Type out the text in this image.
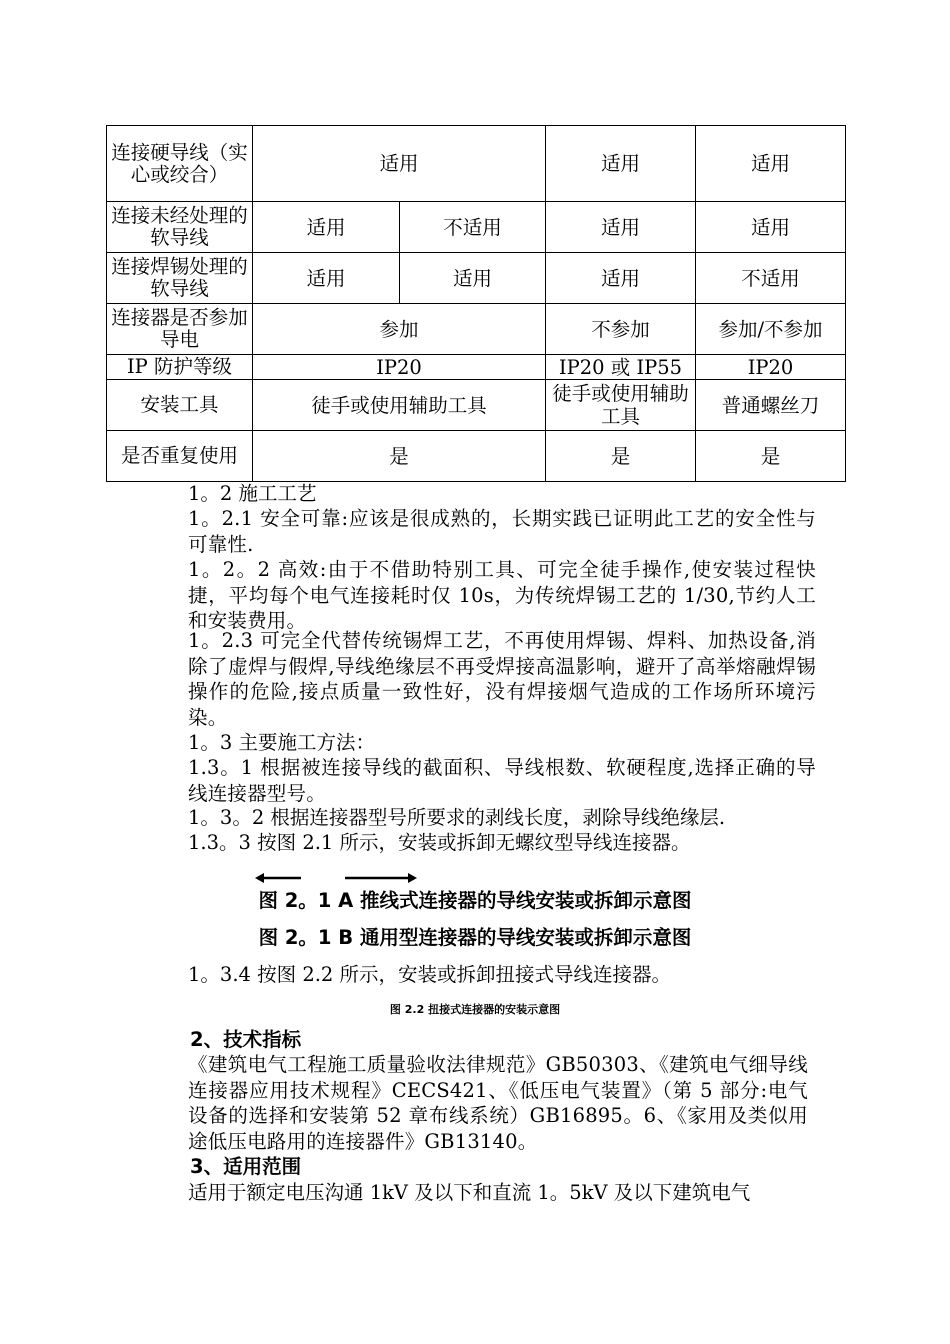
连接硬导线（实心或绞合）	适用		适用	适用
连接未经处理的软导线	适用	不适用	适用	适用
连接焊锡处理的软导线	适用	适用	适用	不适用
连接器是否参加导电	参加		不参加	参加/不参加
IP 防护等级	IP20		IP20 或 IP55	IP20
安装工具	徒手或使用辅助工具		徒手或使用辅助工具	普通螺丝刀
是否重复使用	是		是	是
1。2 施工工艺
1。2.1 安全可靠:应该是很成熟的，长期实践已证明此工艺的安全性与可靠性.
1。2。2 高效:由于不借助特别工具、可完全徒手操作,使安装过程快捷，平均每个电气连接耗时仅 10s，为传统焊锡工艺的 1/30,节约人工和安装费用。
1。2.3 可完全代替传统锡焊工艺，不再使用焊锡、焊料、加热设备,消除了虚焊与假焊,导线绝缘层不再受焊接高温影响，避开了高举熔融焊锡操作的危险,接点质量一致性好，没有焊接烟气造成的工作场所环境污染。
1。3 主要施工方法：
1.3。1 根据被连接导线的截面积、导线根数、软硬程度,选择正确的导线连接器型号。
1。3。2 根据连接器型号所要求的剥线长度，剥除导线绝缘层.
1.3。3 按图 2.1 所示，安装或拆卸无螺纹型导线连接器。
图 2。1 A 推线式连接器的导线安装或拆卸示意图
图 2。1 B 通用型连接器的导线安装或拆卸示意图
1。3.4 按图 2.2 所示，安装或拆卸扭接式导线连接器。
图 2.2 扭接式连接器的安装示意图
2、技术指标
《建筑电气工程施工质量验收法律规范》GB50303、《建筑电气细导线连接器应用技术规程》CECS421、《低压电气装置》（第 5 部分:电气设备的选择和安装第 52 章布线系统）GB16895。6、《家用及类似用途低压电路用的连接器件》GB13140。
3、适用范围
适用于额定电压沟通 1kV 及以下和直流 1。5kV 及以下建筑电气
